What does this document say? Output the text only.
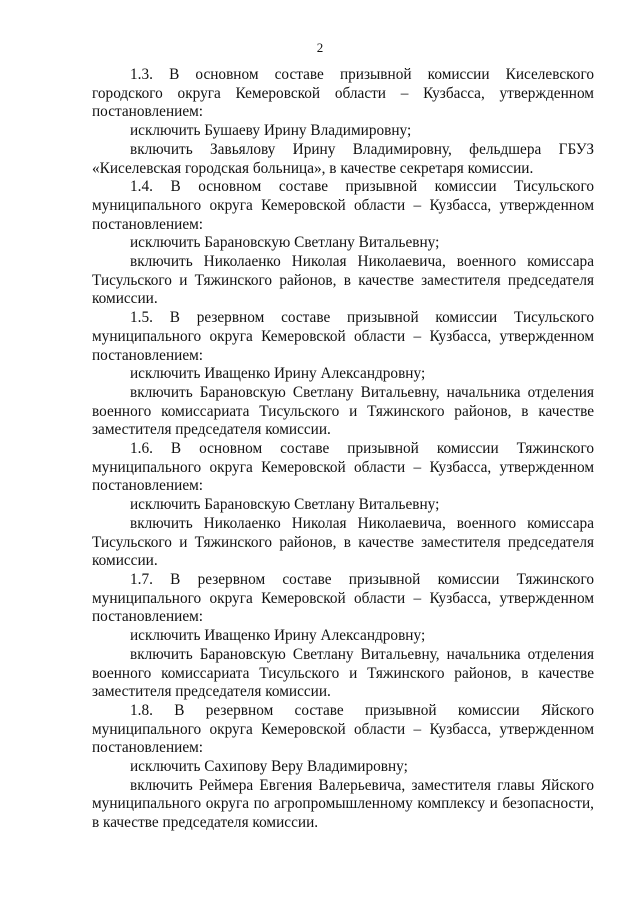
2

1.3. В основном составе призывной комиссии Киселевского городского округа Кемеровской области – Кузбасса, утвержденном постановлением:

исключить Бушаеву Ирину Владимировну;

включить Завьялову Ирину Владимировну, фельдшера ГБУЗ «Киселевская городская больница», в качестве секретаря комиссии.

1.4. В основном составе призывной комиссии Тисульского муниципального округа Кемеровской области – Кузбасса, утвержденном постановлением:

исключить Барановскую Светлану Витальевну;

включить Николаенко Николая Николаевича, военного комиссара Тисульского и Тяжинского районов, в качестве заместителя председателя комиссии.

1.5. В резервном составе призывной комиссии Тисульского муниципального округа Кемеровской области – Кузбасса, утвержденном постановлением:

исключить Иващенко Ирину Александровну;

включить Барановскую Светлану Витальевну, начальника отделения военного комиссариата Тисульского и Тяжинского районов, в качестве заместителя председателя комиссии.

1.6. В основном составе призывной комиссии Тяжинского муниципального округа Кемеровской области – Кузбасса, утвержденном постановлением:

исключить Барановскую Светлану Витальевну;

включить Николаенко Николая Николаевича, военного комиссара Тисульского и Тяжинского районов, в качестве заместителя председателя комиссии.

1.7. В резервном составе призывной комиссии Тяжинского муниципального округа Кемеровской области – Кузбасса, утвержденном постановлением:

исключить Иващенко Ирину Александровну;

включить Барановскую Светлану Витальевну, начальника отделения военного комиссариата Тисульского и Тяжинского районов, в качестве заместителя председателя комиссии.

1.8. В резервном составе призывной комиссии Яйского муниципального округа Кемеровской области – Кузбасса, утвержденном постановлением:

исключить Сахипову Веру Владимировну;

включить Реймера Евгения Валерьевича, заместителя главы Яйского муниципального округа по агропромышленному комплексу и безопасности, в качестве председателя комиссии.
